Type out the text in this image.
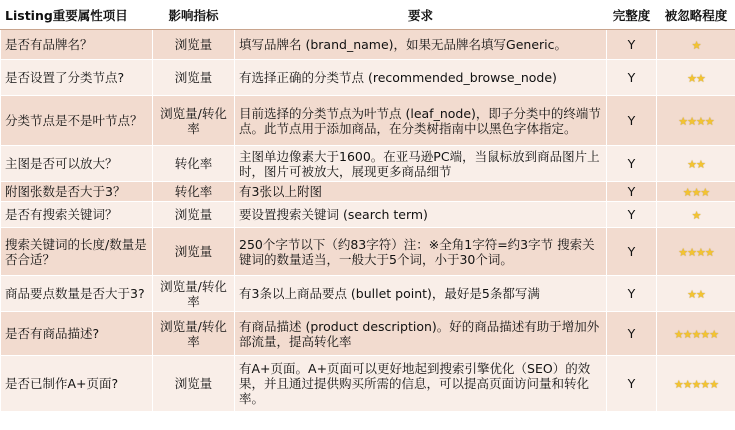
Listing重要属性项目	影响指标	要求	完整度	被忽略程度
是否有品牌名？	浏览量	填写品牌名 (brand_name)，如果无品牌名填写Generic。	Y	★
是否设置了分类节点?	浏览量	有选择正确的分类节点 (recommended_browse_node)	Y	★★
分类节点是不是叶节点？	浏览量/转化率	目前选择的分类节点为叶节点 (leaf_node)，即子分类中的终端节点。此节点用于添加商品，在分类树指南中以黑色字体指定。	Y	★★★★
主图是否可以放大？	转化率	主图单边像素大于1600。在亚马逊PC端，当鼠标放到商品图片上时，图片可被放大，展现更多商品细节	Y	★★
附图张数是否大于3？	转化率	有3张以上附图	Y	★★★
是否有搜索关键词？	浏览量	要设置搜索关键词 (search term)	Y	★
搜索关键词的长度/数量是否合适？	浏览量	250个字节以下（约83字符）注：※全角1字符=约3字节 搜索关键词的数量适当，一般大于5个词，小于30个词。	Y	★★★★
商品要点数量是否大于3?	浏览量/转化率	有3条以上商品要点 (bullet point)，最好是5条都写满	Y	★★
是否有商品描述?	浏览量/转化率	有商品描述 (product description)。好的商品描述有助于增加外部流量，提高转化率	Y	★★★★★
是否已制作A+页面?	浏览量	有A+页面。A+页面可以更好地起到搜索引擎优化（SEO）的效果，并且通过提供购买所需的信息，可以提高页面访问量和转化率。	Y	★★★★★
